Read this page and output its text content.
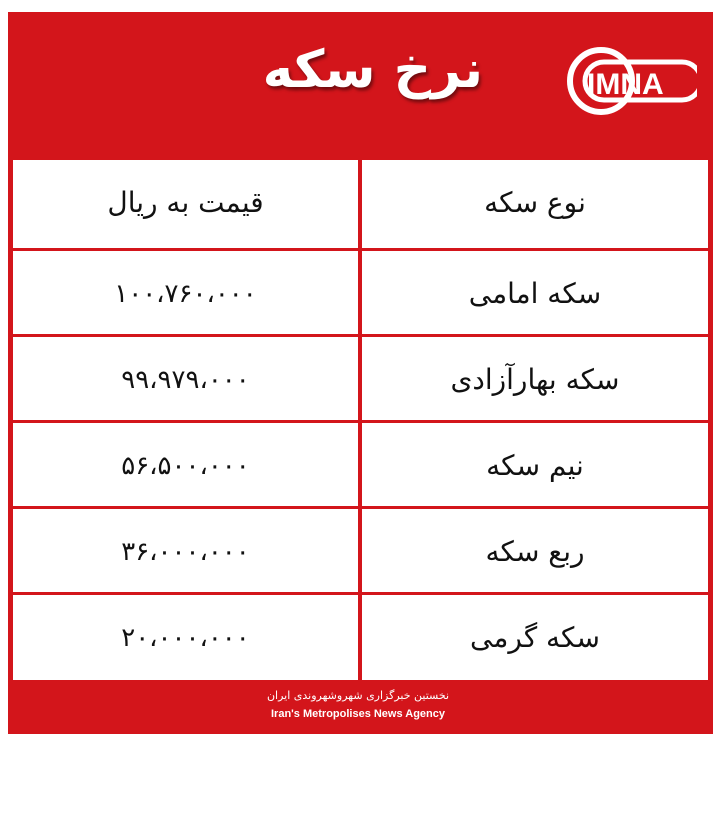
نرخ سکه	IMNA
نوع سکه
قیمت به ریال
سکه امامی
۱۰۰،۷۶۰،۰۰۰
سکه بهارآزادی
۹۹،۹۷۹،۰۰۰
نیم سکه
۵۶،۵۰۰،۰۰۰
ربع سکه
۳۶،۰۰۰،۰۰۰
سکه گرمی
۲۰،۰۰۰،۰۰۰
نخستین خبرگزاری شهروشهروندی ایران
Iran's Metropolises News Agency
